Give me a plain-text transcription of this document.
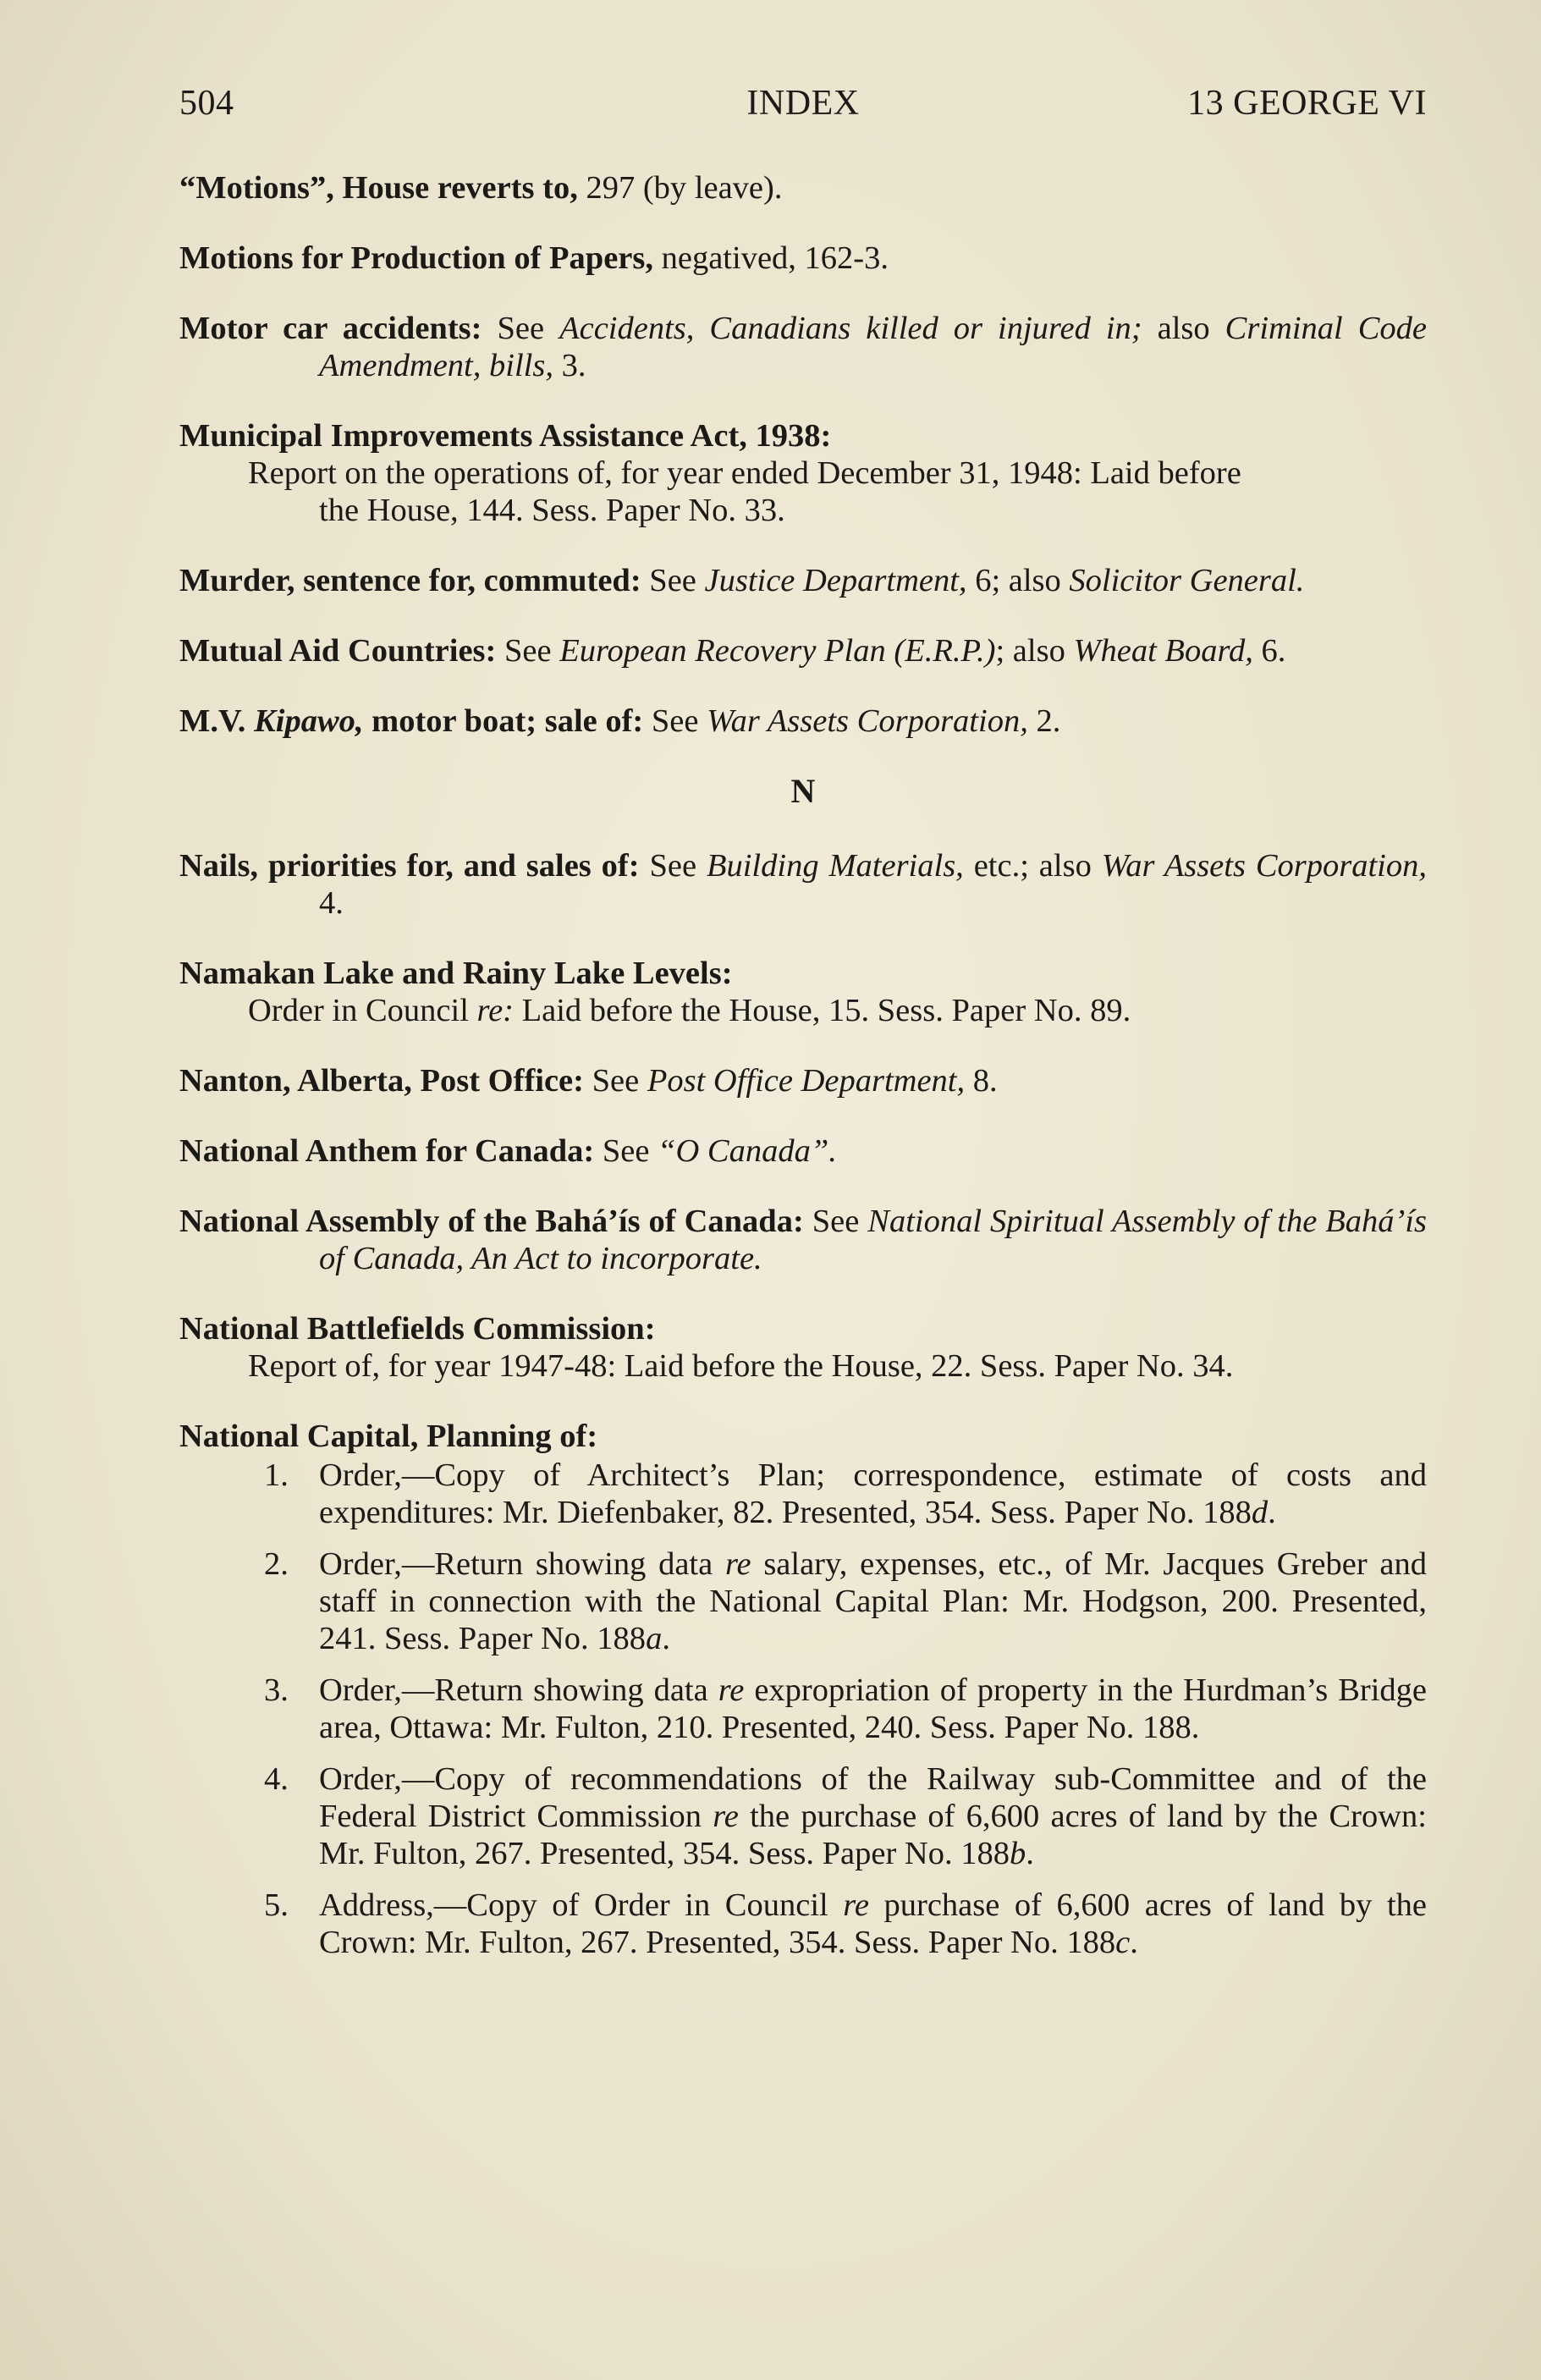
504	INDEX	13 GEORGE VI

“Motions”, House reverts to, 297 (by leave).

Motions for Production of Papers, negatived, 162-3.

Motor car accidents: See Accidents, Canadians killed or injured in; also Criminal Code Amendment, bills, 3.

Municipal Improvements Assistance Act, 1938:
Report on the operations of, for year ended December 31, 1948: Laid before
the House, 144. Sess. Paper No. 33.

Murder, sentence for, commuted: See Justice Department, 6; also Solicitor General.

Mutual Aid Countries: See European Recovery Plan (E.R.P.); also Wheat Board, 6.

M.V. Kipawo, motor boat; sale of: See War Assets Corporation, 2.

N

Nails, priorities for, and sales of: See Building Materials, etc.; also War Assets Corporation, 4.

Namakan Lake and Rainy Lake Levels:
Order in Council re: Laid before the House, 15. Sess. Paper No. 89.

Nanton, Alberta, Post Office: See Post Office Department, 8.

National Anthem for Canada: See “O Canada”.

National Assembly of the Bahá’ís of Canada: See National Spiritual Assembly of the Bahá’ís of Canada, An Act to incorporate.

National Battlefields Commission:
Report of, for year 1947-48: Laid before the House, 22. Sess. Paper No. 34.
National Capital, Planning of:
1. Order,—Copy of Architect’s Plan; correspondence, estimate of costs and expenditures: Mr. Diefenbaker, 82. Presented, 354. Sess. Paper No. 188d.
2. Order,—Return showing data re salary, expenses, etc., of Mr. Jacques Greber and staff in connection with the National Capital Plan: Mr. Hodgson, 200. Presented, 241. Sess. Paper No. 188a.
3. Order,—Return showing data re expropriation of property in the Hurdman’s Bridge area, Ottawa: Mr. Fulton, 210. Presented, 240. Sess. Paper No. 188.
4. Order,—Copy of recommendations of the Railway sub-Committee and of the Federal District Commission re the purchase of 6,600 acres of land by the Crown: Mr. Fulton, 267. Presented, 354. Sess. Paper No. 188b.
5. Address,—Copy of Order in Council re purchase of 6,600 acres of land by the Crown: Mr. Fulton, 267. Presented, 354. Sess. Paper No. 188c.
